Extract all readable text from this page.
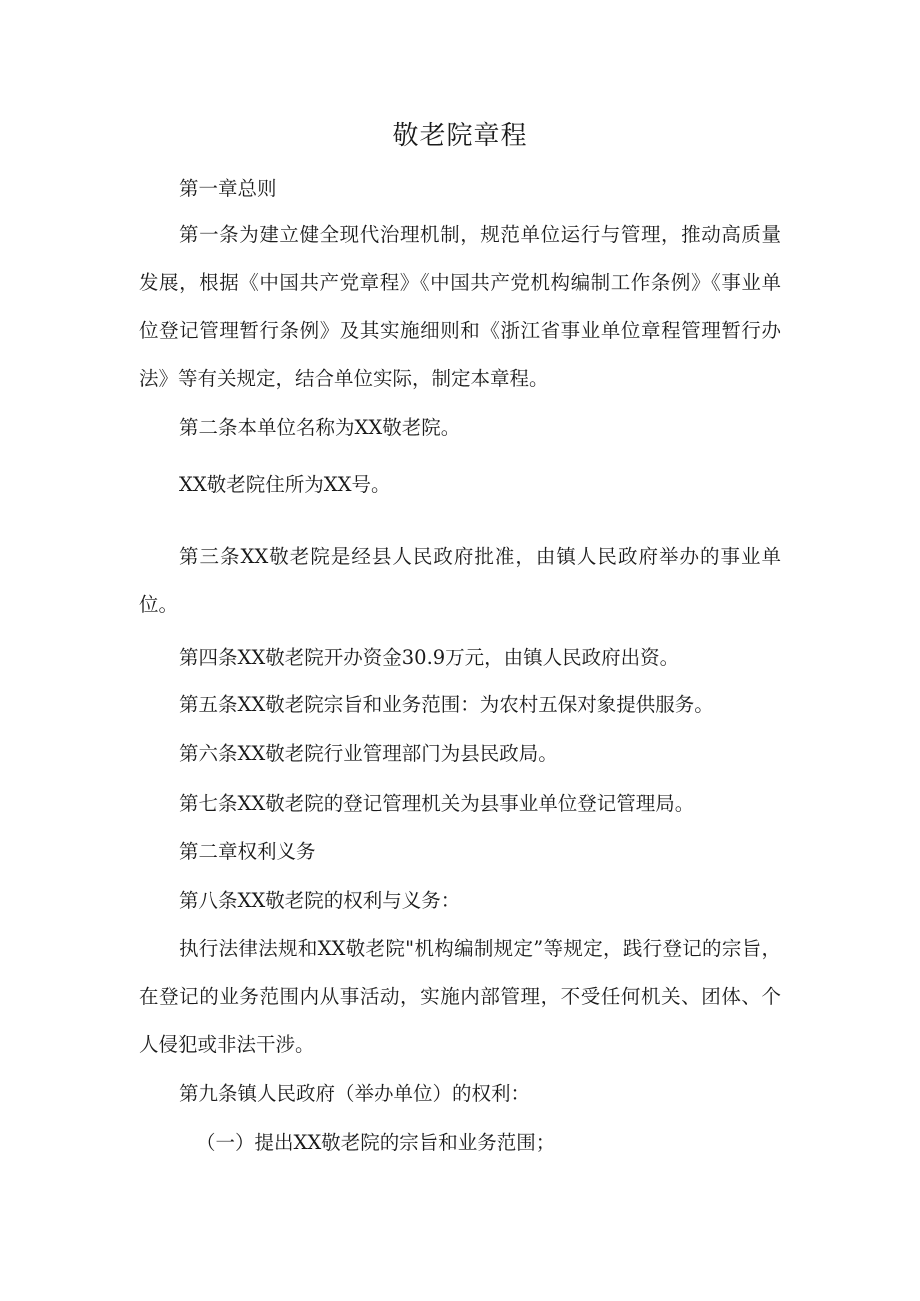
敬老院章程
第一章总则
第一条为建立健全现代治理机制，规范单位运行与管理，推动高质量发展，根据《中国共产党章程》《中国共产党机构编制工作条例》《事业单位登记管理暂行条例》及其实施细则和《浙江省事业单位章程管理暂行办法》等有关规定，结合单位实际，制定本章程。
第二条本单位名称为XX敬老院。
XX敬老院住所为XX号。
第三条XX敬老院是经县人民政府批准，由镇人民政府举办的事业单位。
第四条XX敬老院开办资金30.9万元，由镇人民政府出资。
第五条XX敬老院宗旨和业务范围：为农村五保对象提供服务。
第六条XX敬老院行业管理部门为县民政局。
第七条XX敬老院的登记管理机关为县事业单位登记管理局。
第二章权利义务
第八条XX敬老院的权利与义务：
执行法律法规和XX敬老院"机构编制规定”等规定，践行登记的宗旨，在登记的业务范围内从事活动，实施内部管理，不受任何机关、团体、个人侵犯或非法干涉。
第九条镇人民政府（举办单位）的权利：
（一）提出XX敬老院的宗旨和业务范围；
